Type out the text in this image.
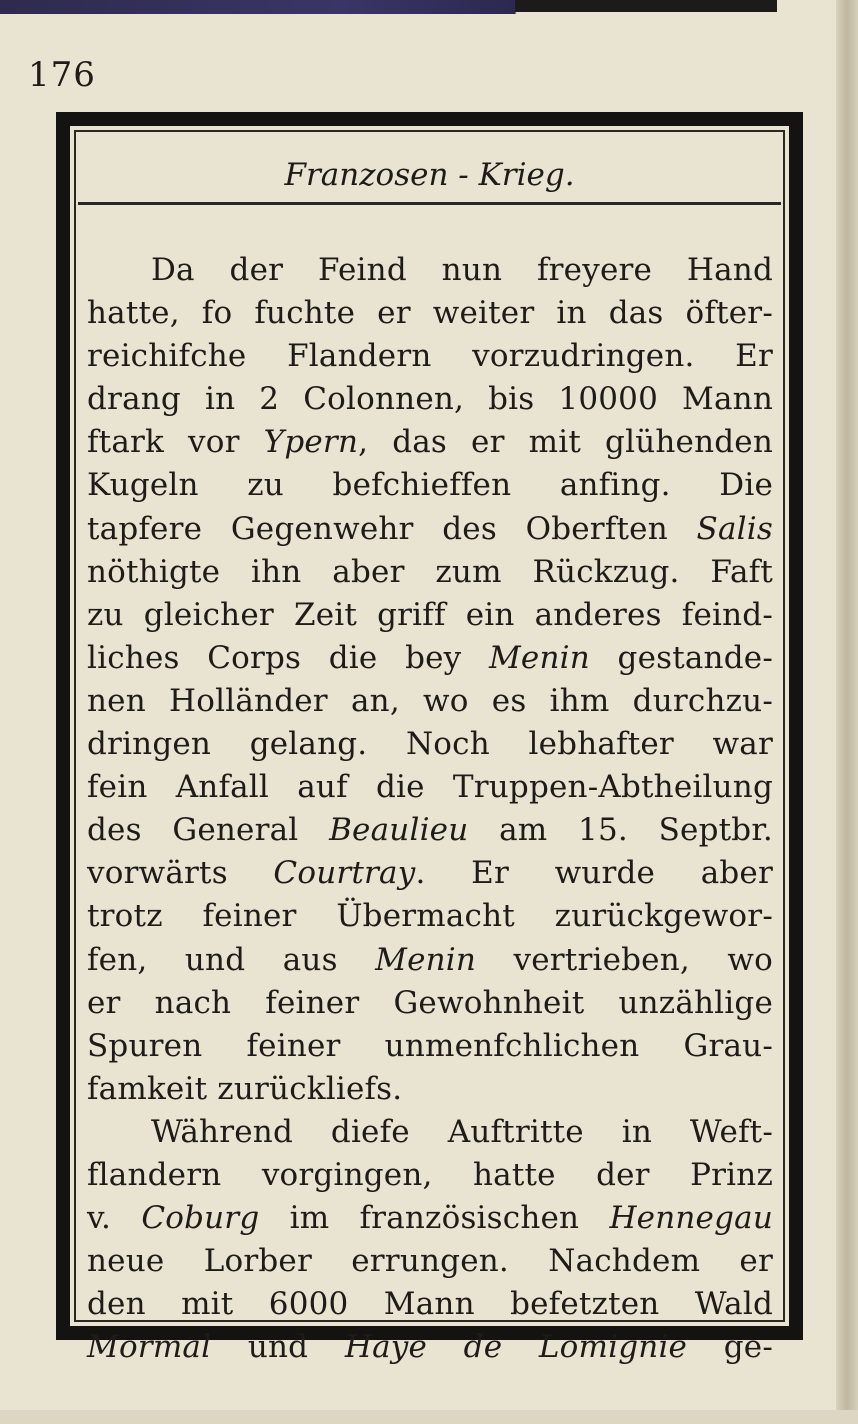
176
Franzosen - Krieg.
Da der Feind nun freyere Hand
hatte, fo fuchte er weiter in das öfter-
reichifche Flandern vorzudringen. Er
drang in 2 Colonnen, bis 10000 Mann
ftark vor Ypern, das er mit glühenden
Kugeln zu befchieffen anfing. Die
tapfere Gegenwehr des Oberften Salis
nöthigte ihn aber zum Rückzug. Faft
zu gleicher Zeit griff ein anderes feind-
liches Corps die bey Menin gestande-
nen Holländer an, wo es ihm durchzu-
dringen gelang. Noch lebhafter war
fein Anfall auf die Truppen-Abtheilung
des General Beaulieu am 15. Septbr.
vorwärts Courtray. Er wurde aber
trotz feiner Übermacht zurückgewor-
fen, und aus Menin vertrieben, wo
er nach feiner Gewohnheit unzählige
Spuren feiner unmenfchlichen Grau-
famkeit zurückliefs.
Während diefe Auftritte in Weft-
flandern vorgingen, hatte der Prinz
v. Coburg im französischen Hennegau
neue Lorber errungen. Nachdem er
den mit 6000 Mann befetzten Wald
Mormal und Haye de Lomignie ge-
